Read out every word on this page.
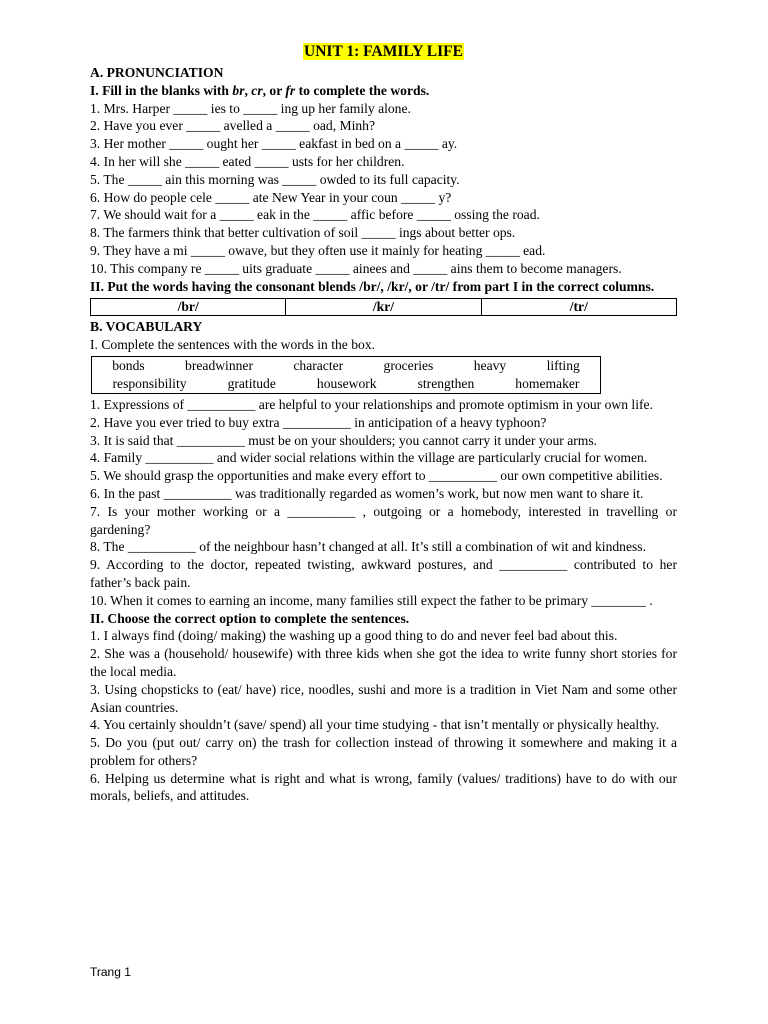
UNIT 1: FAMILY LIFE

A. PRONUNCIATION

I. Fill in the blanks with br, cr, or fr to complete the words.

1. Mrs. Harper _____ ies to _____ ing up her family alone.

2. Have you ever _____ avelled a _____ oad, Minh?

3. Her mother _____ ought her _____ eakfast in bed on a _____ ay.

4. In her will she _____ eated _____ usts for her children.

5. The _____ ain this morning was _____ owded to its full capacity.

6. How do people cele _____ ate New Year in your coun _____ y?

7. We should wait for a _____ eak in the _____ affic before _____ ossing the road.

8. The farmers think that better cultivation of soil _____ ings about better ops.

9. They have a mi _____ owave, but they often use it mainly for heating _____ ead.

10. This company re _____ uits graduate _____ ainees and _____ ains them to become managers.

II. Put the words having the consonant blends /br/, /kr/, or /tr/ from part I in the correct columns.

/br/	/kr/	/tr/

B. VOCABULARY

I. Complete the sentences with the words in the box.

bonds	breadwinner	character	groceries	heavy	lifting
responsibility	gratitude	housework	strengthen	homemaker

1. Expressions of __________ are helpful to your relationships and promote optimism in your own life.

2. Have you ever tried to buy extra __________ in anticipation of a heavy typhoon?

3. It is said that __________ must be on your shoulders; you cannot carry it under your arms.

4. Family __________ and wider social relations within the village are particularly crucial for women.

5. We should grasp the opportunities and make every effort to __________ our own competitive abilities.

6. In the past __________ was traditionally regarded as women’s work, but now men want to share it.

7. Is your mother working or a __________ , outgoing or a homebody, interested in travelling or gardening?

8. The __________ of the neighbour hasn’t changed at all. It’s still a combination of wit and kindness.

9. According to the doctor, repeated twisting, awkward postures, and __________ contributed to her father’s back pain.

10. When it comes to earning an income, many families still expect the father to be primary ________ .

II. Choose the correct option to complete the sentences.

1. I always find (doing/ making) the washing up a good thing to do and never feel bad about this.

2. She was a (household/ housewife) with three kids when she got the idea to write funny short stories for the local media.

3. Using chopsticks to (eat/ have) rice, noodles, sushi and more is a tradition in Viet Nam and some other Asian countries.

4. You certainly shouldn’t (save/ spend) all your time studying - that isn’t mentally or physically healthy.

5. Do you (put out/ carry on) the trash for collection instead of throwing it somewhere and making it a problem for others?

6. Helping us determine what is right and what is wrong, family (values/ traditions) have to do with our morals, beliefs, and attitudes.

Trang 1
